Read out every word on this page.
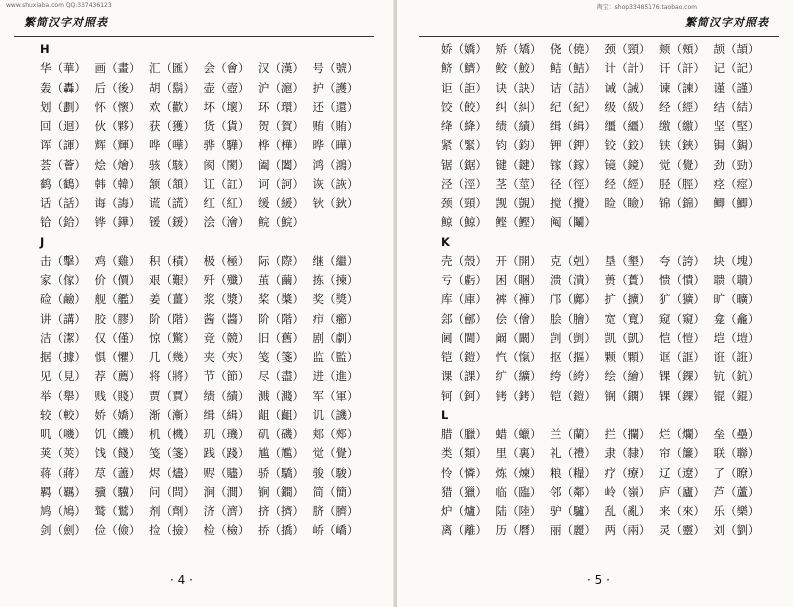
www.shuxiaba.com QQ:337436123
繁简汉字对照表
H
华（華） 画（畫） 汇（匯） 会（會） 汉（漢） 号（號）
轰（轟） 后（後） 胡（鬍） 壶（壺） 沪（滬） 护（護）
划（劃） 怀（懷） 欢（歡） 坏（壞） 环（環） 还（還）
回（迴） 伙（夥） 获（獲） 货（貨） 贺（賀） 贿（賄）
诨（諢） 辉（輝） 哗（嘩） 骅（驊） 桦（樺） 晔（曄）
荟（薈） 烩（燴） 骇（駭） 阂（閡） 阖（闔） 鸿（鴻）
鹤（鶴） 韩（韓） 颔（頷） 讧（訌） 诃（訶） 诙（詼）
话（話） 诲（誨） 谎（謊） 红（紅） 缓（緩） 钬（鈥）
铪（鉿） 铧（鏵） 锾（鍰） 浍（澮） 鲩（鯇）
J
击（擊） 鸡（雞） 积（積） 极（極） 际（際） 继（繼）
家（傢） 价（價） 艰（艱） 歼（殲） 茧（繭） 拣（揀）
硷（鹼） 舰（艦） 姜（薑） 浆（漿） 桨（槳） 奖（獎）
讲（講） 胶（膠） 阶（階） 酱（醬） 阶（階） 疖（癤）
洁（潔） 仅（僅） 惊（驚） 竞（競） 旧（舊） 剧（劇）
据（據） 惧（懼） 几（幾） 夹（夾） 笺（箋） 监（監）
见（見） 荐（薦） 将（將） 节（節） 尽（盡） 进（進）
举（舉） 贱（賤） 贾（賈） 绩（績） 溅（濺） 军（軍）
较（較） 娇（嬌） 渐（漸） 缉（緝） 龃（齟） 讥（譏）
叽（嘰） 饥（饑） 机（機） 玑（璣） 矶（磯） 郏（郟）
荚（莢） 饯（餞） 笺（箋） 践（踐） 尴（尷） 觉（覺）
蒋（蔣） 荩（藎） 烬（燼） 赆（贐） 骄（驕） 骏（駿）
羁（羈） 骥（驥） 问（問） 涧（澗） 锏（鐧） 简（簡）
鸠（鳩） 鹫（鷲） 剂（劑） 济（濟） 挤（擠） 脐（臍）
剑（劍） 俭（儉） 捡（撿） 检（檢） 挢（撟） 峤（嶠）
· 4 ·
淘宝：shop33485176.taobao.com
繁简汉字对照表
娇（嬌） 矫（矯） 侥（僥） 颈（頸） 颊（頰） 颉（頡）
鲚（鱭） 鲛（鮫） 鲒（鮚） 计（計） 讦（訐） 记（記）
讵（詎） 诀（訣） 诘（詰） 诫（誡） 谏（諫） 谨（謹）
饺（餃） 纠（糾） 纪（紀） 级（級） 经（經） 结（結）
绛（絳） 绩（績） 缉（緝） 缰（繮） 缴（繳） 坚（堅）
紧（緊） 钧（鈞） 钾（鉀） 铰（鉸） 铗（鋏） 锔（鋦）
锯（鋸） 键（鍵） 镓（鎵） 镜（鏡） 觉（覺） 劲（勁）
泾（涇） 茎（莖） 径（徑） 经（經） 胫（脛） 痉（痙）
颈（頸） 觊（覬） 搅（攪） 睑（瞼） 锦（錦） 鲫（鯽）
鲸（鯨） 鲣（鰹） 阄（鬮）
K
壳（殼） 开（開） 克（剋） 垦（墾） 夸（誇） 块（塊）
亏（虧） 困（睏） 溃（潰） 蒉（蕢） 愦（憒） 聩（聵）
库（庫） 裤（褲） 邝（鄺） 扩（擴） 犷（獷） 旷（曠）
郐（鄶） 侩（儈） 脍（膾） 宽（寬） 窥（窺） 龛（龕）
阃（閫） 阚（闞） 剀（剴） 凯（凱） 恺（愷） 垲（塏）
铠（鎧） 忾（愾） 抠（摳） 颗（顆） 诓（誆） 诳（誑）
课（課） 纩（纊） 绔（絝） 绘（繪） 锞（錁） 钪（鈧）
钶（鈳） 铐（銬） 铠（鎧） 锎（鐦） 锞（錁） 锟（錕）
L
腊（臘） 蜡（蠟） 兰（蘭） 拦（攔） 烂（爛） 垒（壘）
类（類） 里（裏） 礼（禮） 隶（隸） 帘（簾） 联（聯）
怜（憐） 炼（煉） 粮（糧） 疗（療） 辽（遼） 了（瞭）
猎（獵） 临（臨） 邻（鄰） 岭（嶺） 庐（廬） 芦（蘆）
炉（爐） 陆（陸） 驴（驢） 乱（亂） 来（來） 乐（樂）
离（離） 历（曆） 丽（麗） 两（兩） 灵（靈） 刘（劉）
· 5 ·
